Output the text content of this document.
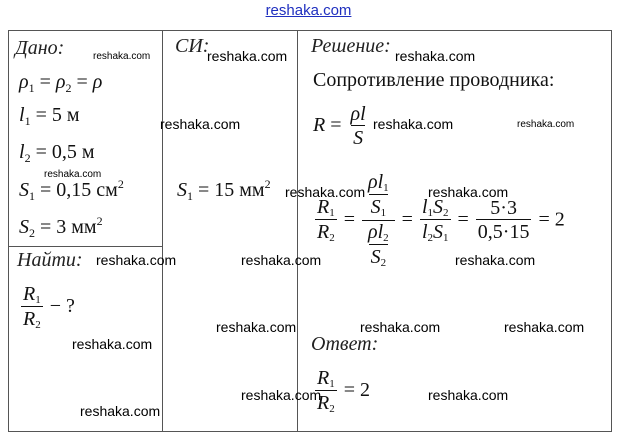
reshaka.com
Дано:	СИ:	Решение:
Найти:
Ответ:
$\rho_1 = \rho_2 = \rho$
$l_1 = 5$ м
$l_2 = 0,5$ м
$S_1 = 0,15$ $см^2$
$S_2 = 3$ $мм^2$
$\frac{R_1}{R_2}$ − ?
$S_1 = 15$ $мм^2$
Сопротивление проводника:
$R = \frac{\rho l}{S}$
$\frac{R_1}{R_2} = \frac{\frac{\rho l_1}{S_1}}{\frac{\rho l_2}{S_2}} = \frac{l_1S_2}{l_2S_1} = \frac{5\cdot 3}{0,5\cdot 15} = 2$
$\frac{R_1}{R_2} = 2$
reshaka.com	reshaka.com	reshaka.com
reshaka.com	reshaka.com	reshaka.com
reshaka.com
reshaka.com	reshaka.com
reshaka.com	reshaka.com	reshaka.com
reshaka.com	reshaka.com	reshaka.com
reshaka.com
reshaka.com	reshaka.com
reshaka.com
